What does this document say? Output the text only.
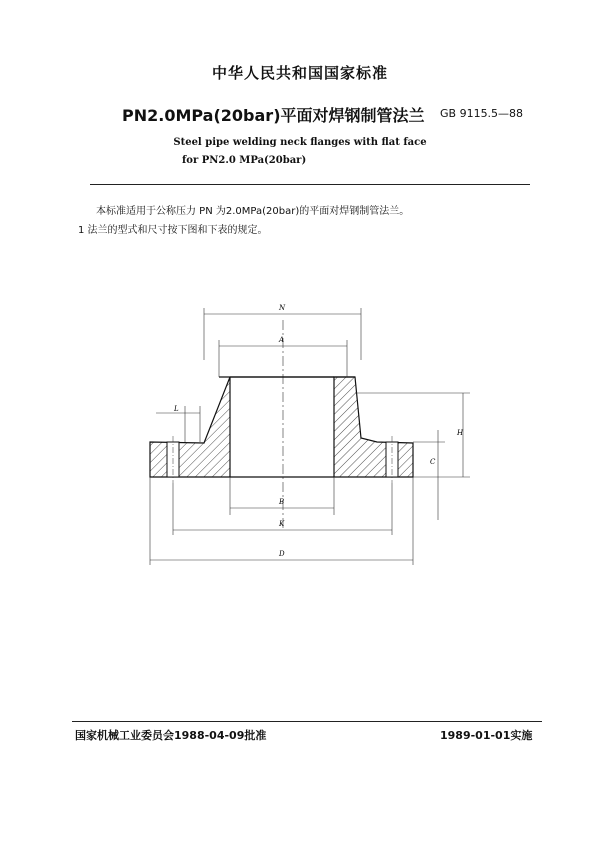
中华人民共和国国家标准
PN2.0MPa(20bar)平面对焊钢制管法兰 GB 9115.5—88
Steel pipe welding neck flanges with flat face
for PN2.0 MPa(20bar)
本标准适用于公称压力 PN 为2.0MPa(20bar)的平面对焊钢制管法兰。
1 法兰的型式和尺寸按下图和下表的规定。
N
A
L
H
C
B
K
D
国家机械工业委员会1988-04-09批准	1989-01-01实施
